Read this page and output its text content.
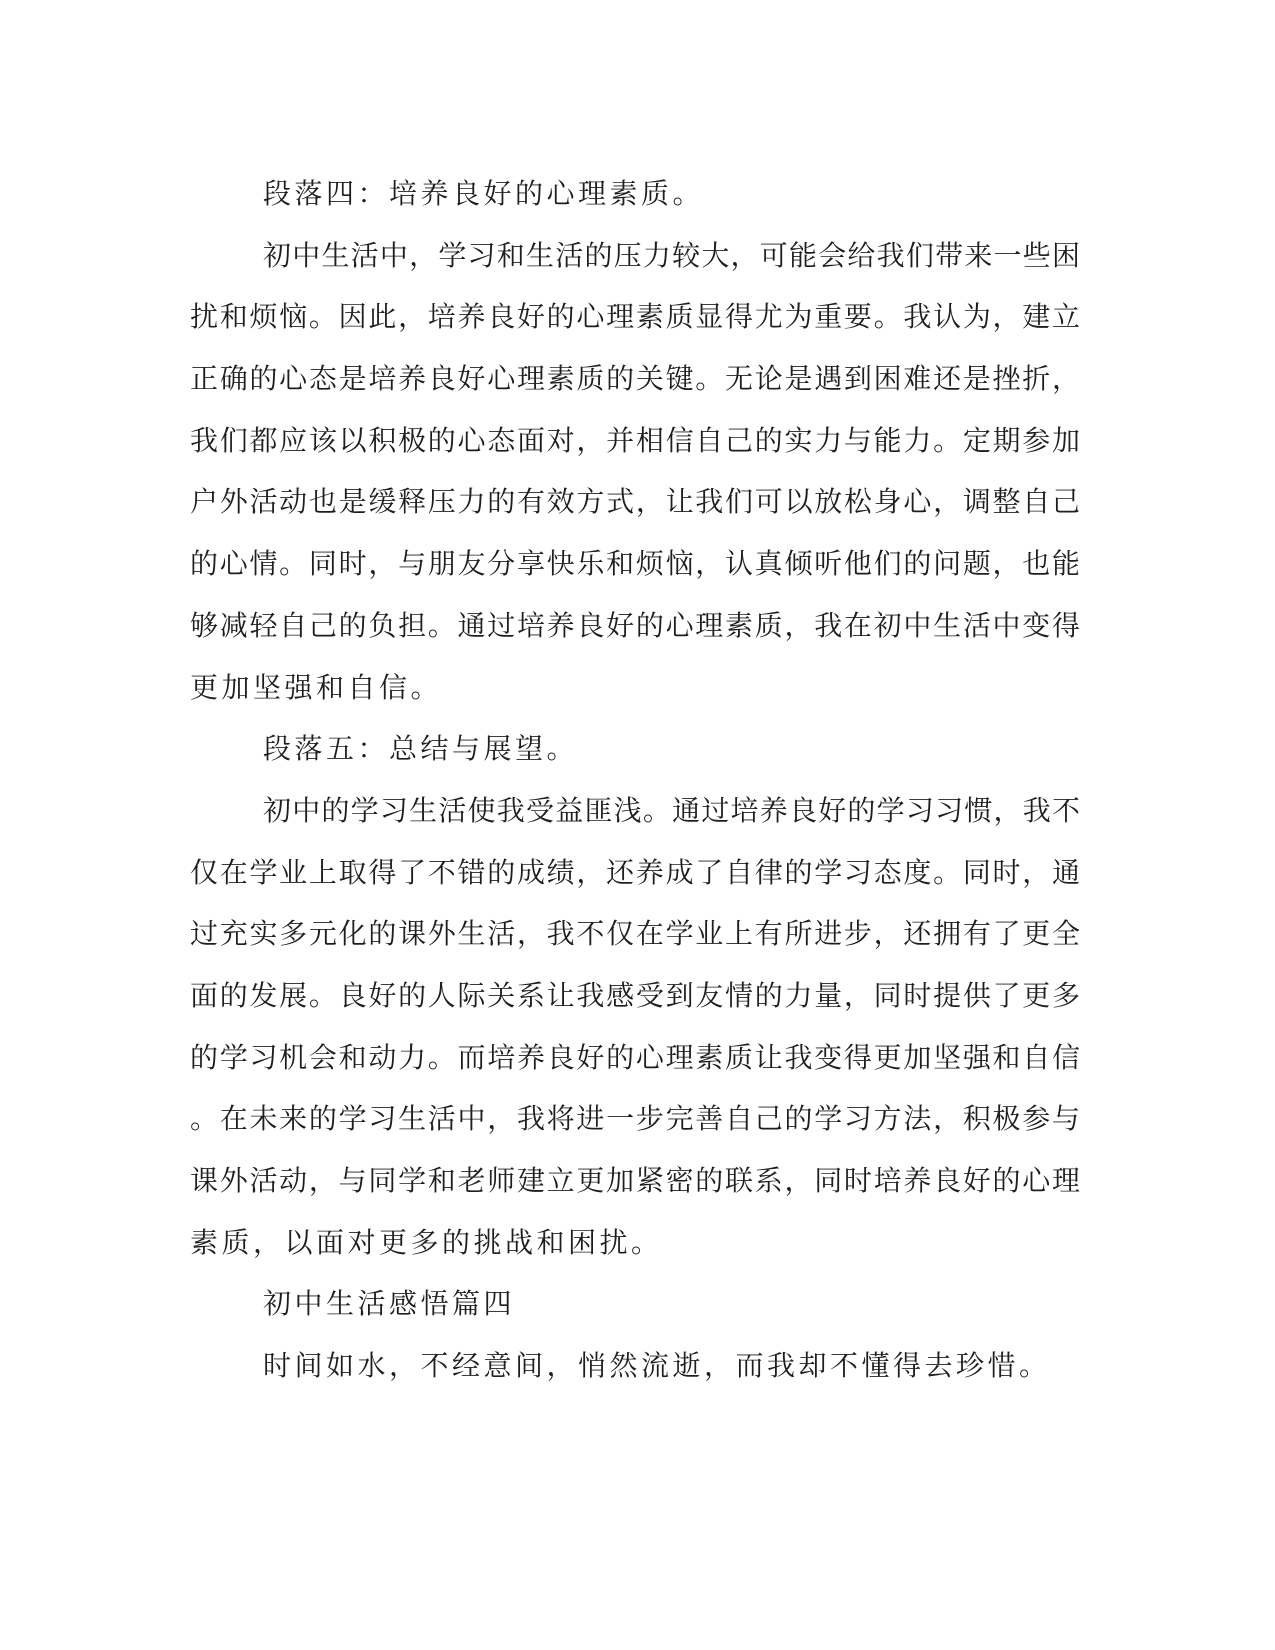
段落四：培养良好的心理素质。
初中生活中，学习和生活的压力较大，可能会给我们带来一些困
扰和烦恼。因此，培养良好的心理素质显得尤为重要。我认为，建立
正确的心态是培养良好心理素质的关键。无论是遇到困难还是挫折，
我们都应该以积极的心态面对，并相信自己的实力与能力。定期参加
户外活动也是缓释压力的有效方式，让我们可以放松身心，调整自己
的心情。同时，与朋友分享快乐和烦恼，认真倾听他们的问题，也能
够减轻自己的负担。通过培养良好的心理素质，我在初中生活中变得
更加坚强和自信。
段落五：总结与展望。
初中的学习生活使我受益匪浅。通过培养良好的学习习惯，我不
仅在学业上取得了不错的成绩，还养成了自律的学习态度。同时，通
过充实多元化的课外生活，我不仅在学业上有所进步，还拥有了更全
面的发展。良好的人际关系让我感受到友情的力量，同时提供了更多
的学习机会和动力。而培养良好的心理素质让我变得更加坚强和自信
。在未来的学习生活中，我将进一步完善自己的学习方法，积极参与
课外活动，与同学和老师建立更加紧密的联系，同时培养良好的心理
素质，以面对更多的挑战和困扰。
初中生活感悟篇四
时间如水，不经意间，悄然流逝，而我却不懂得去珍惜。
